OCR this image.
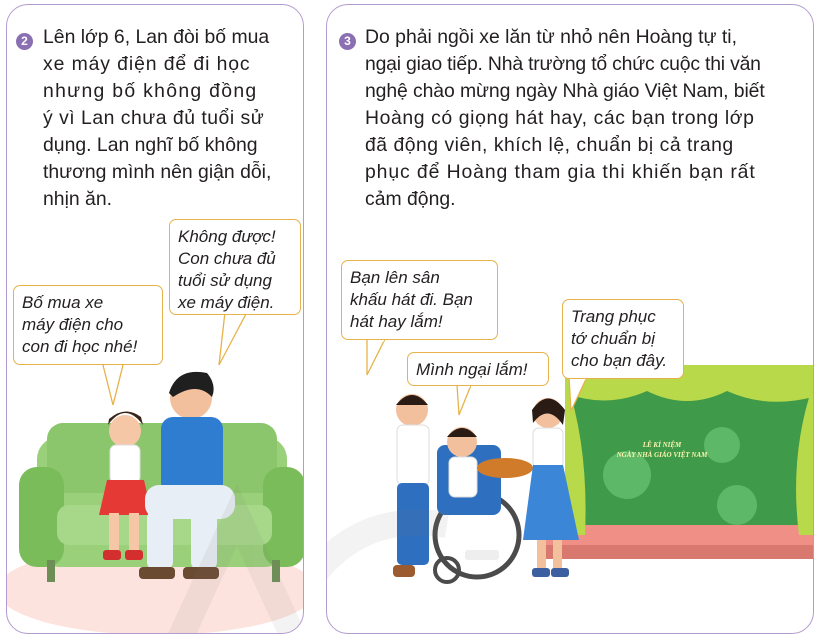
2 Lên lớp 6, Lan đòi bố mua
xe máy điện để đi học
nhưng bố không đồng
ý vì Lan chưa đủ tuổi sử
dụng. Lan nghĩ bố không
thương mình nên giận dỗi,
nhịn ăn.
Không được!
Con chưa đủ
tuổi sử dụng
xe máy điện.
Bố mua xe
máy điện cho
con đi học nhé!
3 Do phải ngồi xe lăn từ nhỏ nên Hoàng tự ti,
ngại giao tiếp. Nhà trường tổ chức cuộc thi văn
nghệ chào mừng ngày Nhà giáo Việt Nam, biết
Hoàng có giọng hát hay, các bạn trong lớp
đã động viên, khích lệ, chuẩn bị cả trang
phục để Hoàng tham gia thi khiến bạn rất
cảm động.
LỄ KỈ NIỆM
NGÀY NHÀ GIÁO VIỆT NAM
Bạn lên sân
khấu hát đi. Bạn
hát hay lắm!	Trang phục
tớ chuẩn bị
cho bạn đây.
Mình ngại lắm!
